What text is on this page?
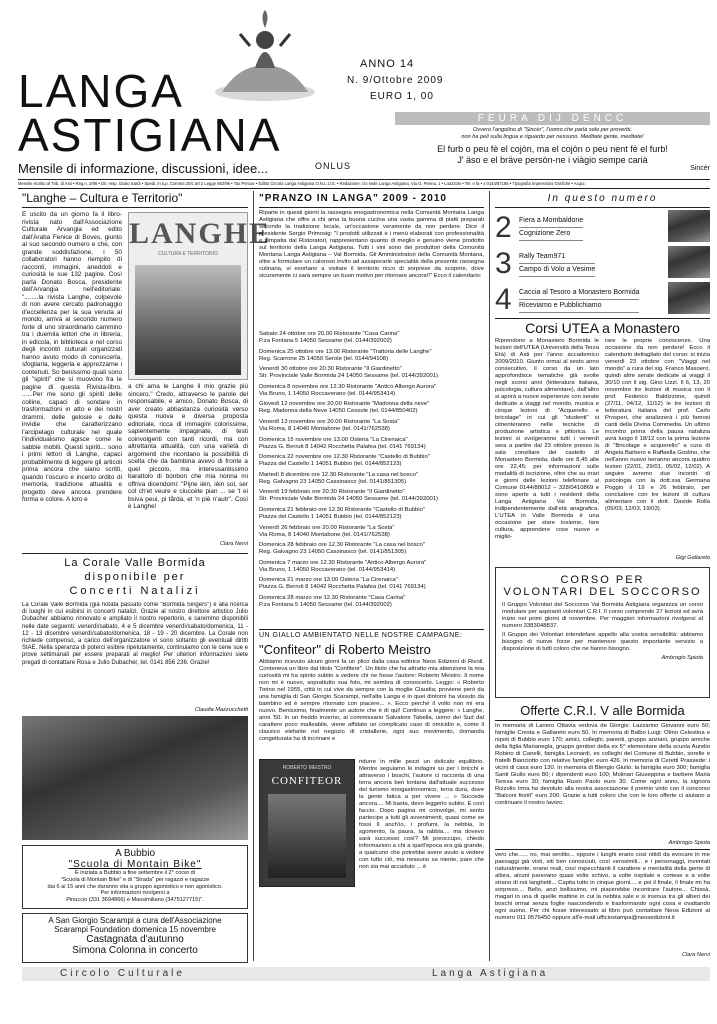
LANGA
ASTIGIANA
Mensile di informazione, discussioni, idee...	ONLUS
ANNO 14
N. 9/Ottobre 2009
EURO 1, 00
FEURA DIJ DENCC
Ovvero l'angolino di "Sincèr", l'uomo che parla solo per proverbi,
non ha peli sulla lingua e riguardo per nessuno. Meditate gente, meditate!
El furb o peu fè el cojòn, ma el cojòn o peu nent fè el furb!
J' äso e el bräve persòn-ne i viàgio sempe carià
Sincèr
Mensile iscritto al Trib. di Asti • Reg.n. 2/96 • Dir. resp. Giulio Sardi • Spedi. in a.p. Comma 20/c art 2 Legge 662/96 • Tax Percue • Editto Circolo Langa Astigiana O.N.L.U.S. • Redazione: c/o sede Langa Astigiana, Via G. Penna, 1 • Loazzolo • Tel. e fa • x 0144/87185 • Tipografia Impressioni Grafiche • Acqui.
"Langhe – Cultura e Territorio"
È uscito da un giorno fa il libro-rivista nato dall'Associazione Culturale Arvangia ed edito dall'Araba Fenice di Boves, giunto al suo secondo numero e che, con grande soddisfazione, i 50 collaboratori hanno riempito di racconti, immagini, aneddoti e curiosità le sue 132 pagine. Così parla Donato Bosca, presidente dell'Arvangia nell'editoriale: "........la rivista Langhe, colpevole di non avere cercato padronaggio d'eccellenza per la sua venuta al mondo, arriva al secondo numero forte di uno straordinario cammino tra i duemila lettori che in libreria, in edicola, in biblioteca e nel corso degli incontri culturali organizzati hanno avuto modo di conoscerla, sfogliarla, leggerla e apprezzarne i contenuti. So benissimo quali sono gli "spiriti" che si muovono fra le pagine di questa Rivista-libro. ......Per me sono gli spiriti delle colline, capaci di sondare in trasformazioni in atto e dei nostri drammi, delle gelosie e delle invidie che caratterizzano l'arcipelago culturale nel quale l'individualismo agisce come le sabbie mobili. Questi spiriti... sono i primi lettori di Langhe, capaci probabilmente di leggere gli articoli prima ancora che siano scritti, quando l'oscuro e incerto ordito di memoria, tradizione attualità e progetto deve ancora prendere forma e colore. A loro e
LANGHE
CULTURA E TERRITORIO
a chi ama le Langhe il mio grazie più sincero." Credo, attraverso le parole del responsabile, e amico, Donato Bosca, di aver creato abbastanza curiosità verso questa nuova e diversa proposta editoriale, ricca di immagini colorissime, sapientemente impaginate, di testi coinvolgenti con tanti ricordi, ma con altrettanta attualità, con una varietà di argomenti che ricordano la possibilità di scelta che da bambina avevo di fronte a quel piccolo, ma interessantissimo barattolo di bonbon che mia nonna mi offriva dicendomi: "Pijne ièin, ièin sol, ser col ch'et veure e ciuccète pian ... se 't ei bsiva peui, pi tårda, et 'n piè n'autr". Così è Langhe!
Clara Nervi
La Corale Valle Bormida
disponibile per
Concerti Natalizi
La Corale Valle Bormida (già notata passato come "Bormida Singers") è alla ricerca di luoghi in cui esibirsi in concerti natalizi. Grazie al nostro direttore artistico Julio Dubacher abbiamo rinnovato e ampliato il nostro repertorio, e saremmo disponibili nelle date seguenti: venerdì/sabato, 4 e 5 dicembre venerdì/sabato/domenica, 11 - 12 - 13 dicembre venerdì/sabato/domenica, 18 - 19 - 20 dicembre. La Corale non richiede compenso, a carico dell'organizzatore vi sono soltanto gli eventuali diritti SIAE. Nella speranza di poterci esibire ripetutamente, continuiamo con le cene sue e prove settimanali per essere preparati al meglio! Per ulteriori informazioni siete pregati di contattare Rosa e Julio Dubacher, tel. 0141 856 236. Grazie!
Claudia Mazzucchetti
A Bubbio
"Scuola di Montain Bike"
È iniziata a Bubbio a fine settembre il 2° corso di
"Scuola di Montain Bike" e di "Strada" per ragazzi e ragazze
dai 6 ai 15 anni che daranno vita a gruppo agonistico e non agonistico.
Per informazioni rivolgersi a
Pinuccio (331 3694866) e Massimiliano (3475127715)".
A San Giorgio Scarampi a cura dell'Associazione
Scarampi Foundation domenica 15 novembre
Castagnata d'autunno
Simona Colonna in concerto
Circolo Culturale	Langa Astigiana
"PRANZO IN LANGA" 2009 - 2010
Riparte in questi giorni la rassegna enogastronomica nella Comunità Montana Langa Astigiana che offre a chi ama la buona cucina una vasta gamma di piatti preparati secondo la tradizione locale, un'occasione veramente da non perdere. Dice il presidente Sergio Primosig: "I prodotti utilizzati e i menù elaborati con professionalità e simpatia dai Ristoratori, rappresentano quanto di meglio e genuino viene prodotto sul territorio della Langa Astigiana. Tutti i vini sono dei produttori della Comunità Montana Langa Astigiana – Val Bormida. Gli Amministratori della Comunità Montana, oltre a formulare un caloroso invito ad assaporarle specialità della presente rassegna culinaria, vi esortano a visitare il territorio ricco di sorprese da scoprire, dove sicuramente ci sarà sempre un buon motivo per ritornare ancora!!" Ecco il calendario:
Sabato 24 ottobre ore 20.00 Ristorante "Casa Carina"
P.za Fontana 5 14050 Sessame (tel. 0144/392002)
Domenica 25 ottobre ore 13.00 Ristorante "Trattoria delle Langhe"
Reg. Scarrone 25 14050 Serole (tel. 0144/94108)
Venerdì 30 ottobre ore 20.30 Ristorante "Il Giardinetto"
Str. Provinciale Valle Bormida 24 14050 Sessame (tel. 0144/392001)
Domenica 8 novembre ore 12.30 Ristorante "Antico Albergo Aurora"
Via Bruno, 1 14050 Roccaverano (tel. 0144/953414)
Giovedì 12 novembre ore 20.00 Ristorante "Madonna della neve"
Reg. Madonna della Neve 14050 Cessole (tel. 0144/850402)
Venerdì 13 novembre ore 20.00 Ristorante "La Sosta"
Via Roma, 8 14040 Montabone (tel. 0141/762538)
Domenica 15 novembre ore 13.00 Osteria "La Cirenaica"
Piazza G. Berruti 8 14042 Rocchetta Palafea (tel. 0141 769134)
Domenica 22 novembre ore 12.30 Ristorante "Castello di Bubbio"
Piazza del Castello 1 14051 Bubbio (tel. 0144/852123)
Martedì 8 dicembre ore 12.30 Ristorante "La casa nel bosco"
Reg. Galvagno 23 14050 Cassinasco (tel. 0141/851305)
Venerdì 19 febbraio ore 20.30 Ristorante "Il Giardinetto"
Str. Provinciale Valle Bormida 24 14050 Sessame (tel. 0144/392001)
Domenica 21 febbraio ore 12.30 Ristorante "Castello di Bubbio"
Piazza del Castello 1 14051 Bubbio (tel. 0144/852123)
Venerdì 26 febbraio ore 20.00 Ristorante "La Sosta"
Via Roma, 8 14040 Montabone (tel. 0141/762538)
Domenica 28 febbraio ore 12.30 Ristorante "La casa nel bosco"
Reg. Galvagno 23 14050 Cassinasco (tel. 0141/851305)
Domenica 7 marzo ore 12.30 Ristorante "Antico Albergo Aurora"
Via Bruno, 1 14050 Roccaverano (tel. 0144/953414)
Domenica 21 marzo ore 13.00 Osteria "La Cirenaica"
Piazza G. Berruti 8 14042 Rocchetta Palafea (tel. 0141 769134)
Domenica 28 marzo ore 12.30 Ristorante "Casa Carina"
P.za Fontana 5 14050 Sessame (tel. 0144/392002)
UN GIALLO AMBIENTATO NELLE NOSTRE CAMPAGNE:
"Confiteor" di Roberto Meistro
Abbiamo ricevuto alcuni giorni fa un plico dalla casa editrice Neos Edizioni di Rivoli. Conteneva un libro dal titolo "Confiteor". Un titolo che ha attratto mia attenzione la mia curiosità mi ha spinto subito a vedere chi ne fosse l'autore: Roberto Meistro. Il nome non mi è nuovo, soprattutto sua foto, mi sembra di conoscerlo. Leggo: « Roberto Torino nel 1955, città in cui vive da sempre con la moglie Claudia; proviene però da una famiglia di San Giorgio Scarampi, nell'alta Langa e in quei dintorni ha vissuto da bambino ed è sempre ritornato con piacere... ». Ecco perché il volto non mi era nuovo. Benissimo, finalmente un autore che è di qui! Continuo a leggere: « Langhe, anni '50. In un freddo inverno, al commissario Salvatore Tabella, uomo del Sud dal carattere poco malleabile, viene affidato un complicato caso di omicidio e, come il classico elefante nel negozio di cristallerie, ogni suo movimento, domanda congetturata ha di incrinare e
ROBERTO MEISTRO
CONFITEOR
ridurre in mille pezzi un delicato equilibrio. Mentre seguiamo le indagini su per i bricchi e attraverso i boschi, l'autore ci racconta di una terra ancora ben lontana dall'attuale successo del turismo enogastronomico, terra dura, dove la gente fatica a per vivere ... » Succede ancora.... Mi basta, devo leggerlo subito. E così faccio. Dopo pagina mi coinvolge, mi sento partecipe a tutti gli avvenimenti, quasi come se fossi lì anch'io, i profumi, la nebbia, lo sgomento, la paura, la rabbia.... ma dovevo sarà successo così? Mi preoccupo, chiedo informazioni a chi a quell'epoca era già grande, a qualcuno che potrebbe avere avuto a vedere con tutto ciò, ma nessuno sa niente, pare che non sia mai accaduto ... è
In questo numero
2	Fiera a Mombaldone
Cognizione Zero
3	Rally Team971
Campo di Volo a Vesime
4	Caccia al Tesoro a Monastero Bormida
Riceviamo e Pubblichiamo
Corsi UTEA a Monastero
Riprendono a Monastero Bormida le lezioni dell'UTEA (Università della Terza Età) di Asti per l'anno accademico 2009/2010. Giunto ormai al sesto anno consecutivo, il corso da un lato approfondisce tematiche già svolte negli scorsi anni (letteratura italiana, psicologia, cultura alimentare), dall'altro si aprirà a nuove esperienze con serate dedicate a viaggi nel mondo, musica e cinque lezioni di "Acquerello e bricolage" in cui gli "studenti" si cimenteranno nelle tecniche di produzione artistica e pittorica. Le lezioni si svolgeranno tutti i venerdì sera a partire dal 23 ottobre presso la sala consiliare del castello di Monastero Bormida, dalle ore 8,45 alle ore 22,45; per informazioni sulle modalità di iscrizione, oltre che su orari e giorni delle lezioni telefonare al Comune 0144/88012 – 328/0410869 e sono aperte a tutti i residenti della Langa Astigiana Val Bormida, indipendentemente dall'età anagrafica. L'UTEA in Valle Bormida è una occasione per stare insieme, fare cultura, apprendere cose nuove e miglio-
rare le proprie conoscenze. Una occasione da non perdere! Ecco il calendario dettagliato del corso: si inizia venerdì 23 ottobre con "Viaggi nel mondo" a cura del sig. Franco Masoero, quindi altre serate dedicate ai viaggi il 30/10 con il sig. Gino Lizzi. Il 6, 13, 20 novembre tre lezioni di musica con il prof. Federico Baldizzone, quindi (27/11, 04/12, 11/12) le tre lezioni di letteratura italiana del prof. Carlo Prosperi, che analizzerà i più famosi canti della Divina Commedia. Un ultimo incontro prima della pausa natalizia avrà luogo il 18/12 con la prima lezione di "Bricolage e acquerello" a cura di Angela Barbero e Raffaella Goslino, che nell'anno nuovo terranno ancora quattro lezioni (22/01, 29/01, 05/02, 12/02). A seguire avremo due incontri di psicologia con la dott.ssa Germana Poggio il 19 e 26 febbraio, per concludere con tre lezioni di cultura alimentare con il dott. Davide Rolla (05/03, 12/03, 19/03).
Gigi Gallareto
CORSO PER
VOLONTARI DEL SOCCORSO
Il Gruppo Volontari del Soccorso Val Bormida Astigiana organizza un corso modulare per aspiranti volontari C.R.I. Il corso comprende 27 lezioni ed avrà inizio nei primi giorni di novembre. Per maggiori informazioni rivolgersi al numero 3383048837.
Il Gruppo dei Volontari intendefare appello alla vostra sensibilità: abbiamo bisogno di nuove forze per mantenere questo importante servizio a disposizione di tutti coloro che ne hanno bisogno.
Ambrogio Spiota
Offerte C.R.I. V alle Bormida
In memoria di Lanero Ottavia vedova de Giorgis: Lazzarino Giovanni euro 50; famiglie Cresta e Gallareto euro 50. In memoria di Balbo Luigi: Olmo Celestina e nipoti di Bubbio euro 170; amici, colleghi, parenti, gruppo anziani, gruppo amiche della figlia Marianegla, gruppo genitori della ex 5^ elementare della scuola Aurelio Robino di Canelli, famiglia Leonardi, ex colleghi del Comune di Bubbio, sorelle e fratelli Bianciotto con relative famiglie: euro 426. In memoria di Ceretti Prassede: i vicini di casa euro 130. In memoria di Blengio Giulio: la famiglia euro 300; famiglia Santi Giulio euro 80; i dipendenti euro 100; Molinari Giuseppina e barbere Maria Teresa euro 30; famiglia Rusin Paolo euro 30. Come ogni anno, la signora Rizzolio Irma ha devoluto alla nostra associazione il premio vinto con il concorso "Balconi fioriti" euro 200. Grazie a tutti coloro che con le loro offerte ci aiutano a continuare il nostro lavoro.
Ambrogio Spiota
vero che...... no, mai sentito... eppure i luoghi erano così nitidi da evocare in me paesaggi già visti, siti ben conosciuti, così verosimili... e i personaggi, inventati naturalmente, erano reali, così rispecchianti il carattere e mentalità della gente di allora, alcuni parevano quasi volte schivo, a volte ospitale e cortese e a volte strano di noi langhetti... Capita tutto in cinque giorni.... e poi il finale, il finale mi ha sorpreso.... Bello, anzi bellissimo, mi piacerebbe incontrare l'autore... Chissà, magari in una di quelle mattine in cui la nebbia sale e si insinua tra gli alberi dei boschi ormai senza foglie nascondendo e trasformando ogni cosa e ovattando ogni suono. Per chi fosse interessato al libro può contattare Neos Edizioni al numero 011 9576450 oppure all'e-mail ufficiostampa@neosedizioni.it
Clara Nervi
